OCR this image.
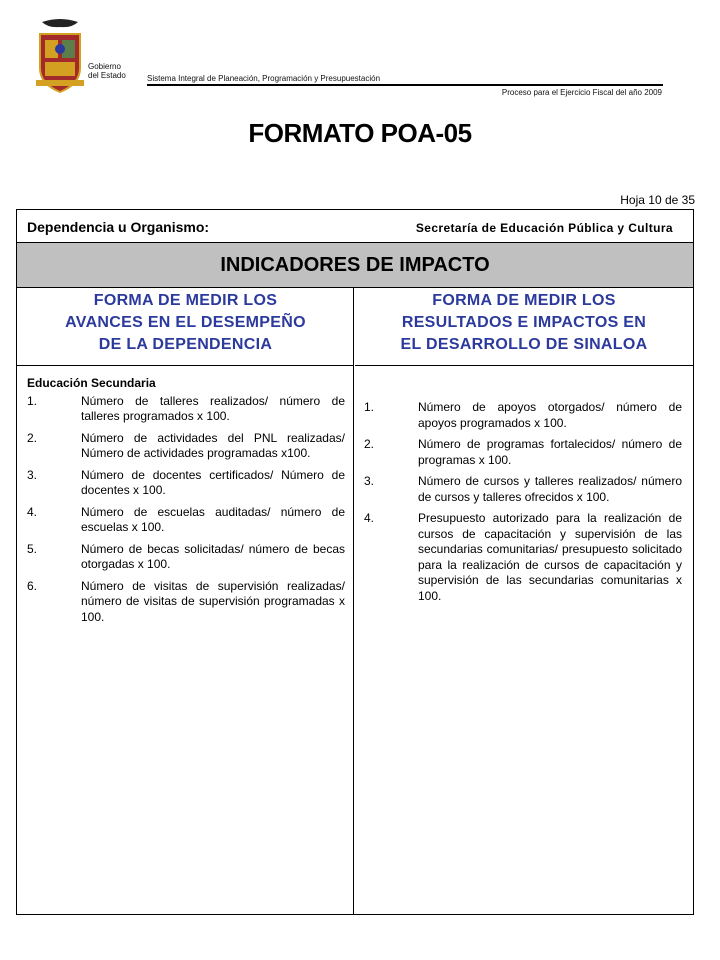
Gobierno
del Estado	Sistema Integral de Planeación, Programación y Presupuestación
Proceso para el Ejercicio Fiscal del año 2009
FORMATO POA-05
Hoja 10 de 35
Dependencia u Organismo:	Secretaría de Educación Pública y Cultura
INDICADORES DE IMPACTO
FORMA DE MEDIR LOS
AVANCES EN EL DESEMPEÑO
DE LA DEPENDENCIA
FORMA DE MEDIR LOS
RESULTADOS E IMPACTOS EN
EL DESARROLLO DE SINALOA
Educación Secundaria
1.	Número de talleres realizados/ número de talleres programados x 100.
2.	Número de actividades del PNL realizadas/ Número de actividades programadas x100.
3.	Número de docentes certificados/ Número de docentes x 100.
4.	Número de escuelas auditadas/ número de escuelas x 100.
5.	Número de becas solicitadas/ número de becas otorgadas x 100.
6.	Número de visitas de supervisión realizadas/ número de visitas de supervisión programadas x 100.
1.	Número de apoyos otorgados/ número de apoyos programados x 100.
2.	Número de programas fortalecidos/ número de programas x 100.
3.	Número de cursos y talleres realizados/ número de cursos y talleres ofrecidos x 100.
4.	Presupuesto autorizado para la realización de cursos de capacitación y supervisión de las secundarias comunitarias/ presupuesto solicitado para la realización de cursos de capacitación y supervisión de las secundarias comunitarias x 100.
